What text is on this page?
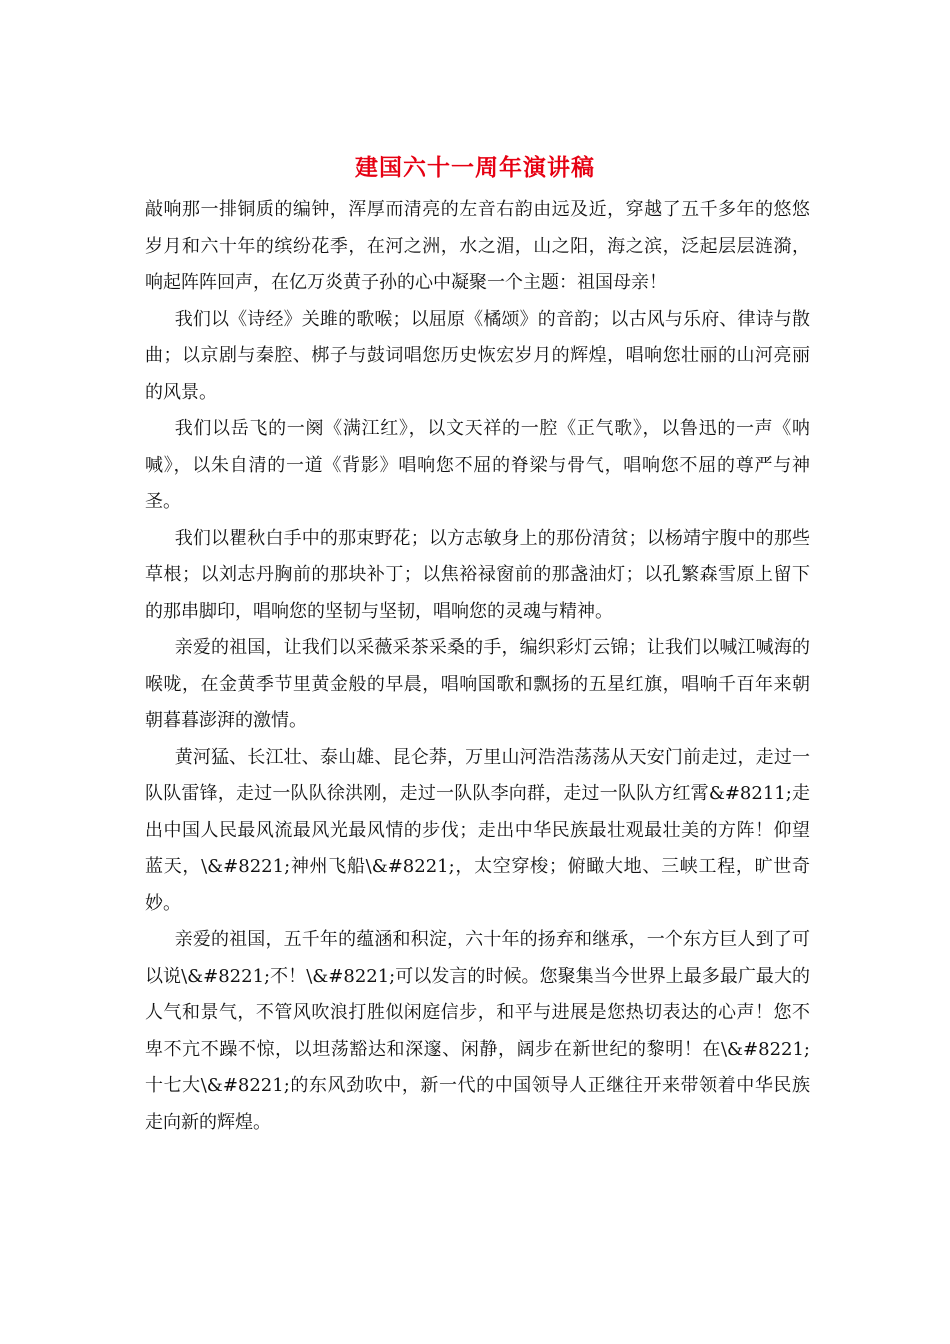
建国六十一周年演讲稿

敲响那一排铜质的编钟，浑厚而清亮的左音右韵由远及近，穿越了五千多年的悠悠岁月和六十年的缤纷花季，在河之洲，水之湄，山之阳，海之滨，泛起层层涟漪，响起阵阵回声，在亿万炎黄子孙的心中凝聚一个主题：祖国母亲！

我们以《诗经》关雎的歌喉；以屈原《橘颂》的音韵；以古风与乐府、律诗与散曲；以京剧与秦腔、梆子与鼓词唱您历史恢宏岁月的辉煌，唱响您壮丽的山河亮丽的风景。

我们以岳飞的一阕《满江红》，以文天祥的一腔《正气歌》，以鲁迅的一声《呐喊》，以朱自清的一道《背影》唱响您不屈的脊梁与骨气，唱响您不屈的尊严与神圣。

我们以瞿秋白手中的那束野花；以方志敏身上的那份清贫；以杨靖宇腹中的那些草根；以刘志丹胸前的那块补丁；以焦裕禄窗前的那盏油灯；以孔繁森雪原上留下的那串脚印，唱响您的坚韧与坚韧，唱响您的灵魂与精神。

亲爱的祖国，让我们以采薇采茶采桑的手，编织彩灯云锦；让我们以喊江喊海的喉咙，在金黄季节里黄金般的早晨，唱响国歌和飘扬的五星红旗，唱响千百年来朝朝暮暮澎湃的激情。

黄河猛、长江壮、泰山雄、昆仑莽，万里山河浩浩荡荡从天安门前走过，走过一队队雷锋，走过一队队徐洪刚，走过一队队李向群，走过一队队方红霄&#8211;走出中国人民最风流最风光最风情的步伐；走出中华民族最壮观最壮美的方阵！仰望蓝天，\&#8221;神州飞船\&#8221;，太空穿梭；俯瞰大地、三峡工程，旷世奇妙。

亲爱的祖国，五千年的蕴涵和积淀，六十年的扬弃和继承，一个东方巨人到了可以说\&#8221;不！\&#8221;可以发言的时候。您聚集当今世界上最多最广最大的人气和景气，不管风吹浪打胜似闲庭信步，和平与进展是您热切表达的心声！您不卑不亢不躁不惊，以坦荡豁达和深邃、闲静，阔步在新世纪的黎明！在\&#8221;十七大\&#8221;的东风劲吹中，新一代的中国领导人正继往开来带领着中华民族走向新的辉煌。
